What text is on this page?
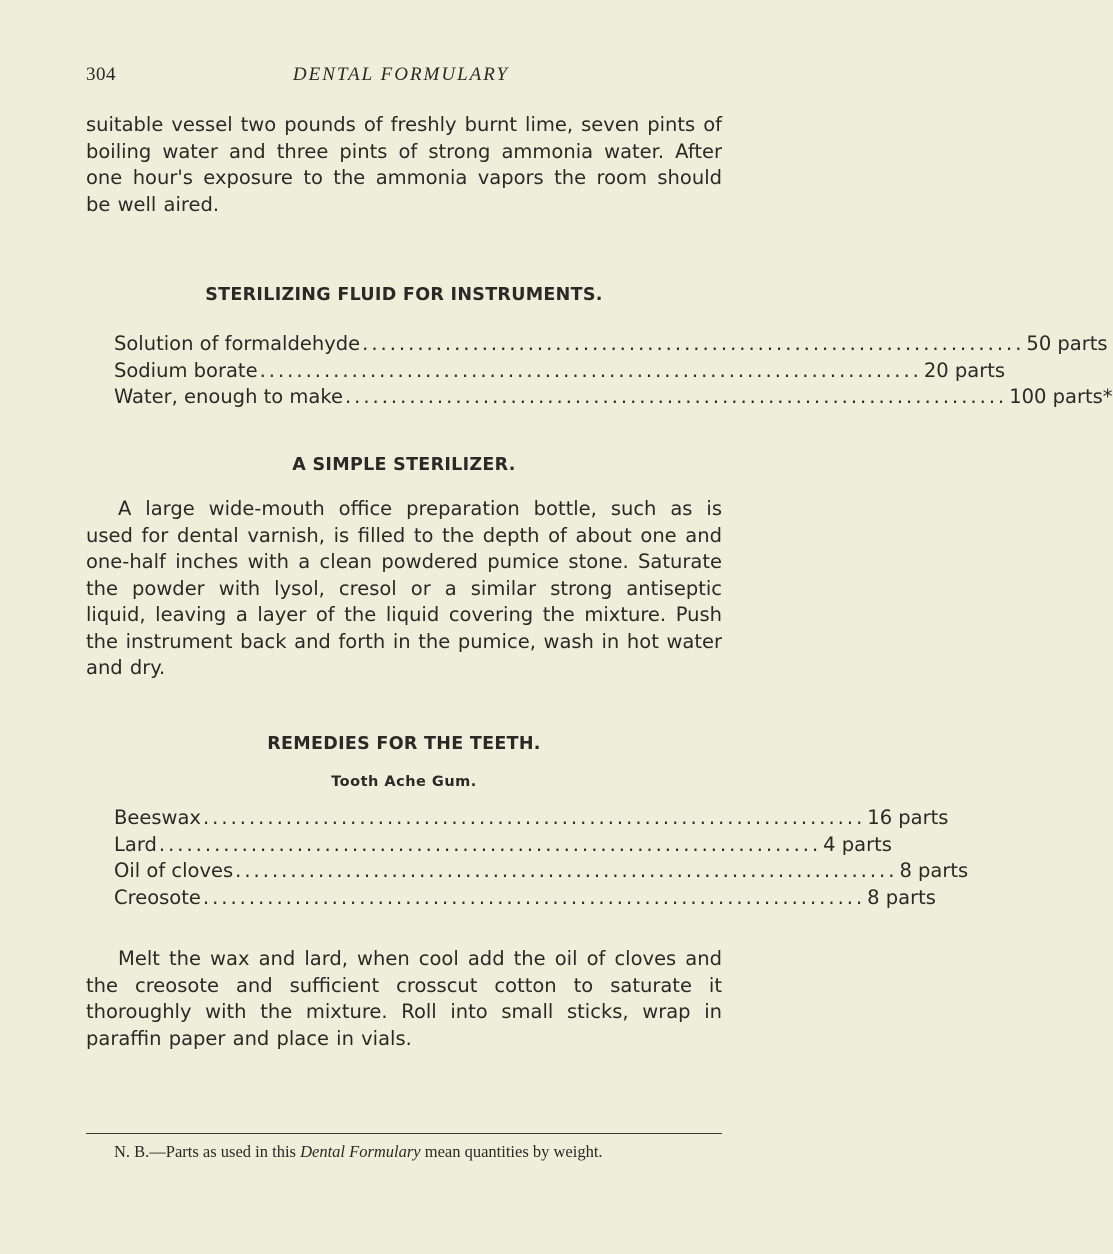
304	DENTAL FORMULARY

suitable vessel two pounds of freshly burnt lime, seven pints of boiling water and three pints of strong ammonia water. After one hour's exposure to the ammonia vapors the room should be well aired.

STERILIZING FLUID FOR INSTRUMENTS.
Solution of formaldehyde ........................................................................ 50 parts
Sodium borate ........................................................................ 20 parts
Water, enough to make ........................................................................ 100 parts*
A SIMPLE STERILIZER.

A large wide-mouth office preparation bottle, such as is used for dental varnish, is filled to the depth of about one and one-half inches with a clean powdered pumice stone. Saturate the powder with lysol, cresol or a similar strong antiseptic liquid, leaving a layer of the liquid covering the mixture. Push the instrument back and forth in the pumice, wash in hot water and dry.

REMEDIES FOR THE TEETH.
Tooth Ache Gum.
Beeswax ........................................................................ 16 parts
Lard ........................................................................ 4 parts
Oil of cloves ........................................................................ 8 parts
Creosote ........................................................................ 8 parts

Melt the wax and lard, when cool add the oil of cloves and the creosote and sufficient crosscut cotton to saturate it thoroughly with the mixture. Roll into small sticks, wrap in paraffin paper and place in vials.

N. B.—Parts as used in this Dental Formulary mean quantities by weight.
